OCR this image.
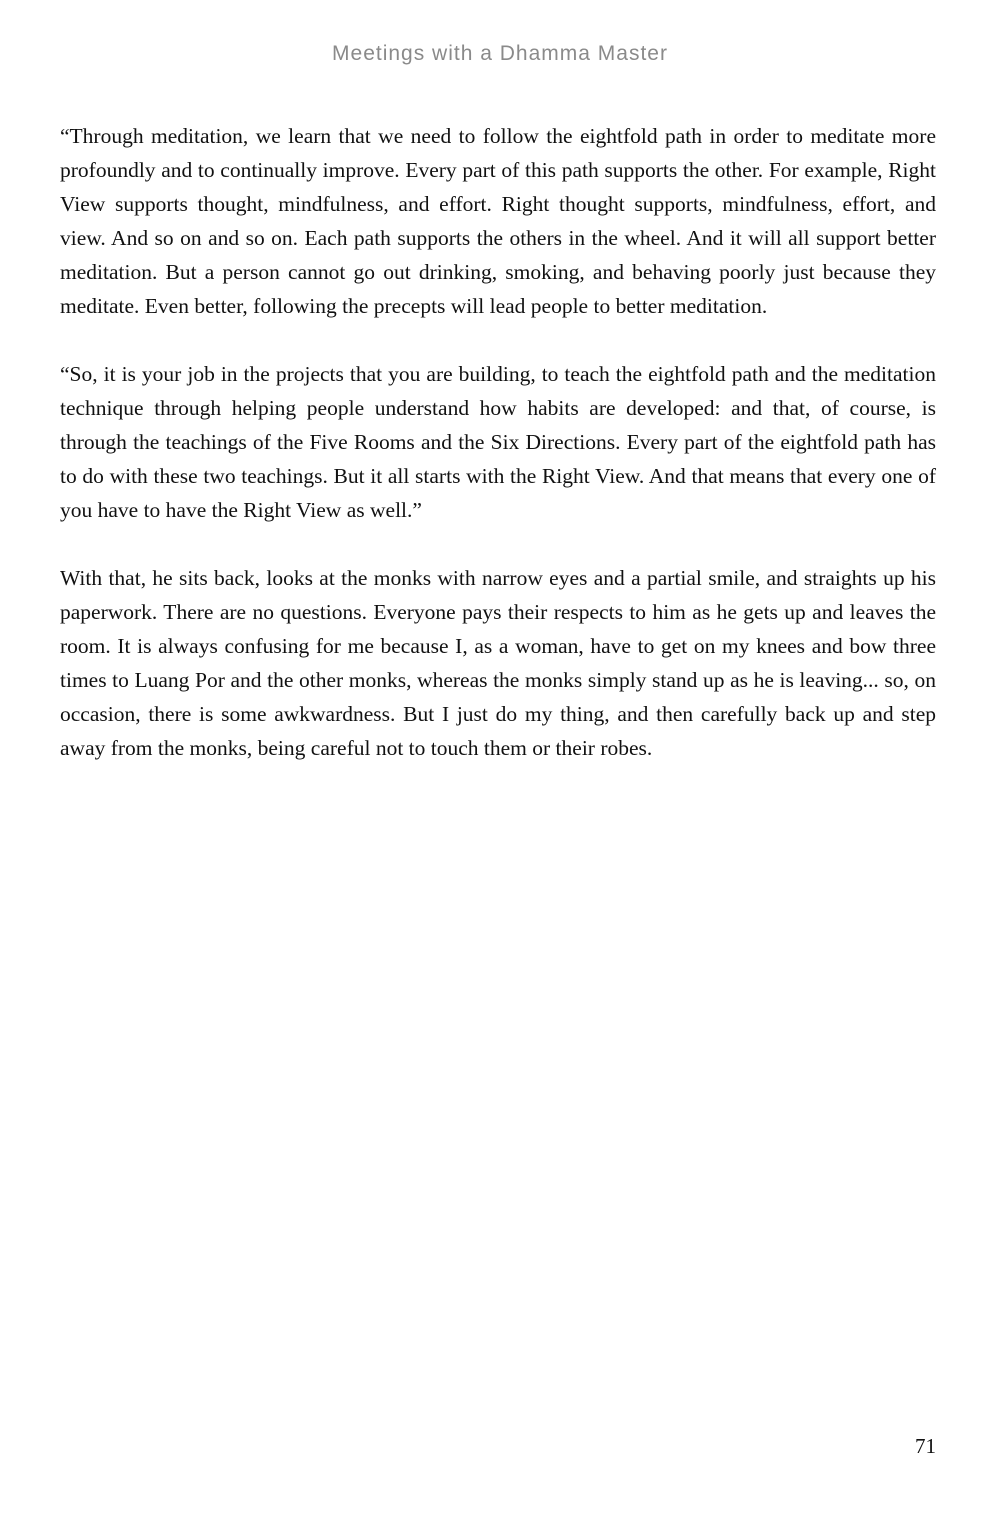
Meetings with a Dhamma Master

“Through meditation, we learn that we need to follow the eightfold path in order to meditate more profoundly and to continually improve. Every part of this path supports the other. For example, Right View supports thought, mindfulness, and effort. Right thought supports, mindfulness, effort, and view. And so on and so on. Each path supports the others in the wheel. And it will all support better meditation. But a person cannot go out drinking, smoking, and behaving poorly just because they meditate. Even better, following the precepts will lead people to better meditation.

“So, it is your job in the projects that you are building, to teach the eightfold path and the meditation technique through helping people understand how habits are developed: and that, of course, is through the teachings of the Five Rooms and the Six Directions. Every part of the eightfold path has to do with these two teachings. But it all starts with the Right View. And that means that every one of you have to have the Right View as well.”

With that, he sits back, looks at the monks with narrow eyes and a partial smile, and straights up his paperwork. There are no questions. Everyone pays their respects to him as he gets up and leaves the room. It is always confusing for me because I, as a woman, have to get on my knees and bow three times to Luang Por and the other monks, whereas the monks simply stand up as he is leaving... so, on occasion, there is some awkwardness. But I just do my thing, and then carefully back up and step away from the monks, being careful not to touch them or their robes.

71
